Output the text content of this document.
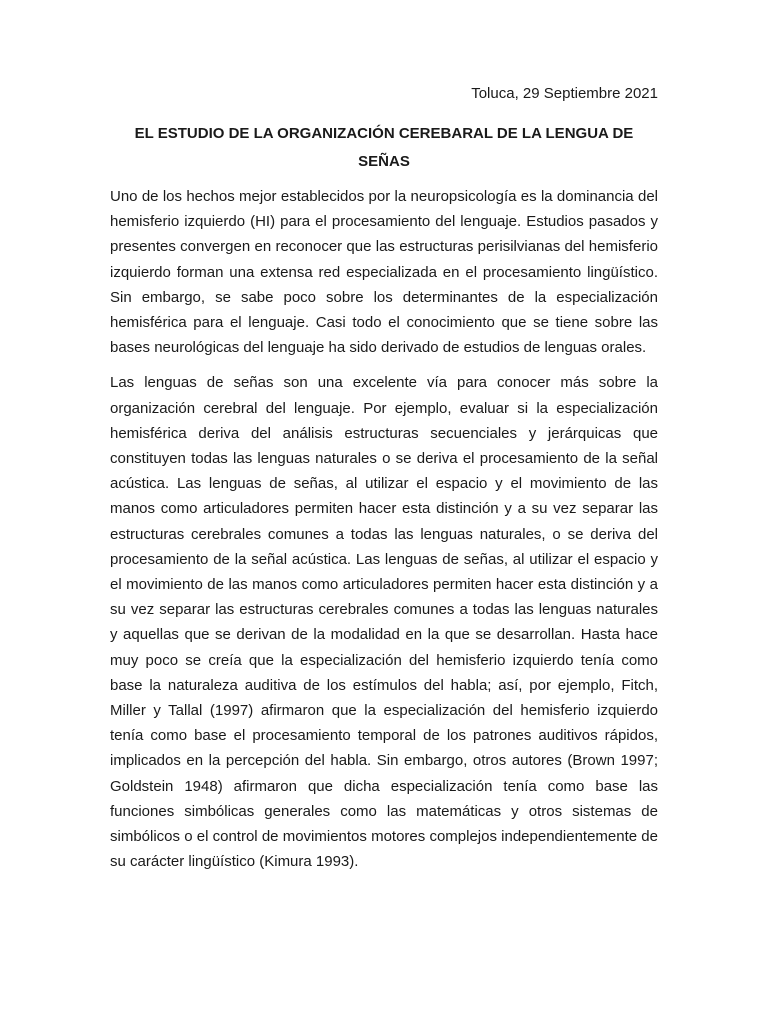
Toluca, 29 Septiembre 2021

EL ESTUDIO DE LA ORGANIZACIÓN CEREBARAL DE LA LENGUA DE SEÑAS

Uno de los hechos mejor establecidos por la neuropsicología es la dominancia del hemisferio izquierdo (HI) para el procesamiento del lenguaje. Estudios pasados y presentes convergen en reconocer que las estructuras perisilvianas del hemisferio izquierdo forman una extensa red especializada en el procesamiento lingüístico. Sin embargo, se sabe poco sobre los determinantes de la especialización hemisférica para el lenguaje. Casi todo el conocimiento que se tiene sobre las bases neurológicas del lenguaje ha sido derivado de estudios de lenguas orales.

Las lenguas de señas son una excelente vía para conocer más sobre la organización cerebral del lenguaje. Por ejemplo, evaluar si la especialización hemisférica deriva del análisis estructuras secuenciales y jerárquicas que constituyen todas las lenguas naturales o se deriva el procesamiento de la señal acústica. Las lenguas de señas, al utilizar el espacio y el movimiento de las manos como articuladores permiten hacer esta distinción y a su vez separar las estructuras cerebrales comunes a todas las lenguas naturales, o se deriva del procesamiento de la señal acústica. Las lenguas de señas, al utilizar el espacio y el movimiento de las manos como articuladores permiten hacer esta distinción y a su vez separar las estructuras cerebrales comunes a todas las lenguas naturales y aquellas que se derivan de la modalidad en la que se desarrollan. Hasta hace muy poco se creía que la especialización del hemisferio izquierdo tenía como base la naturaleza auditiva de los estímulos del habla; así, por ejemplo, Fitch, Miller y Tallal (1997) afirmaron que la especialización del hemisferio izquierdo tenía como base el procesamiento temporal de los patrones auditivos rápidos, implicados en la percepción del habla. Sin embargo, otros autores (Brown 1997; Goldstein 1948) afirmaron que dicha especialización tenía como base las funciones simbólicas generales como las matemáticas y otros sistemas de simbólicos o el control de movimientos motores complejos independientemente de su carácter lingüístico (Kimura 1993).
